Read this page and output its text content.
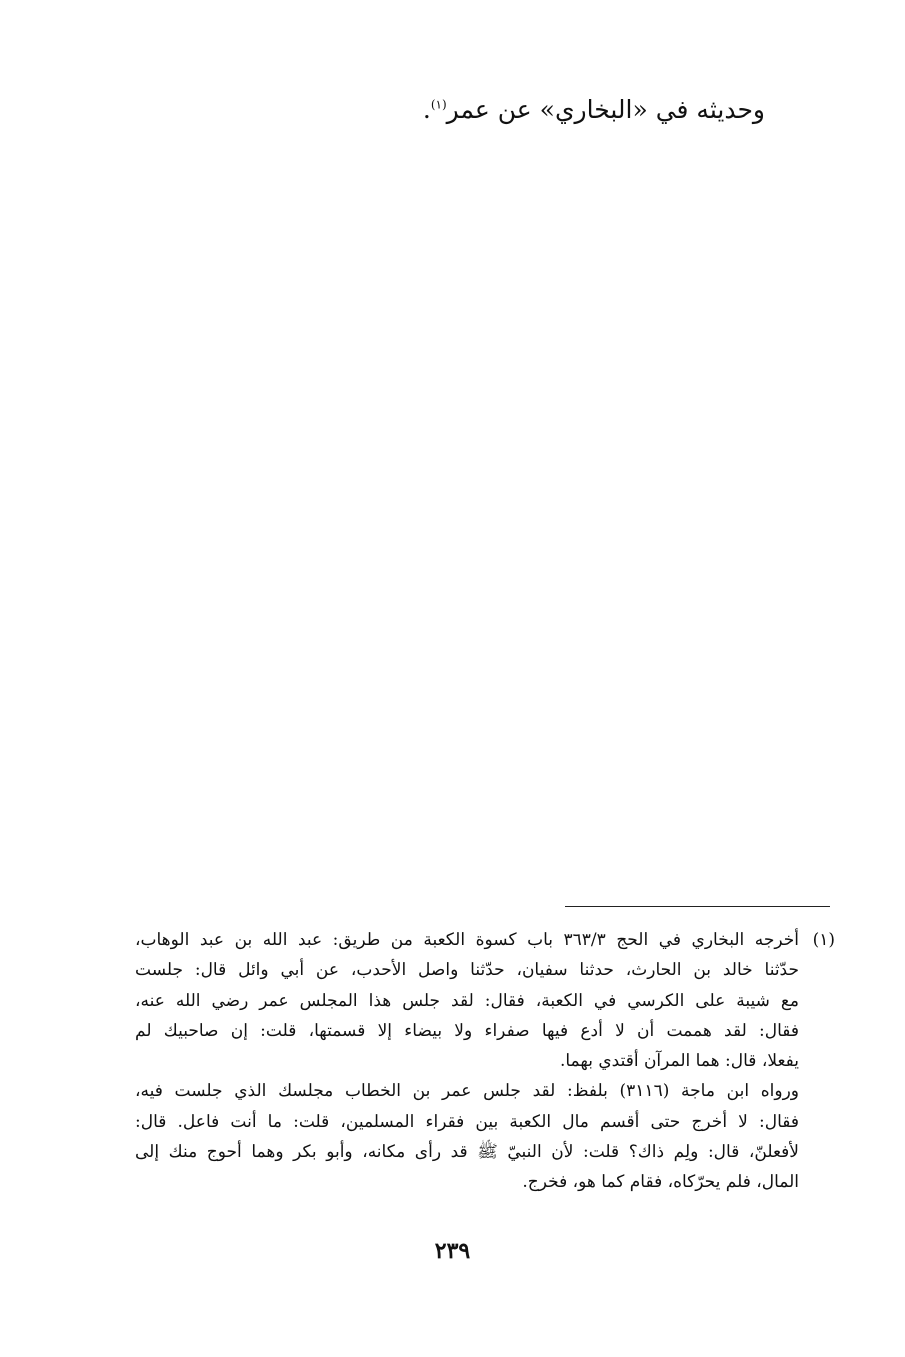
وحديثه في «البخاري» عن عمر$^{(١)}$.
(١)
أخرجه البخاري في الحج ٣٦٣/٣ باب كسوة الكعبة من طريق: عبد الله بن عبد الوهاب،
حدّثنا خالد بن الحارث، حدثنا سفيان، حدّثنا واصل الأحدب، عن أبي وائل قال: جلست
مع شيبة على الكرسي في الكعبة، فقال: لقد جلس هذا المجلس عمر رضي الله عنه،
فقال: لقد هممت أن لا أدع فيها صفراء ولا بيضاء إلا قسمتها، قلت: إن صاحبيك لم
يفعلا، قال: هما المرآن أقتدي بهما.
ورواه ابن ماجة (٣١١٦) بلفظ: لقد جلس عمر بن الخطاب مجلسك الذي جلست فيه،
فقال: لا أخرج حتى أقسم مال الكعبة بين فقراء المسلمين، قلت: ما أنت فاعل. قال:
لأفعلنّ، قال: ولِم ذاك؟ قلت: لأن النبيّ ﷺ قد رأى مكانه، وأبو بكر وهما أحوج منك إلى
المال، فلم يحرّكاه، فقام كما هو، فخرج.
٢٣٩
